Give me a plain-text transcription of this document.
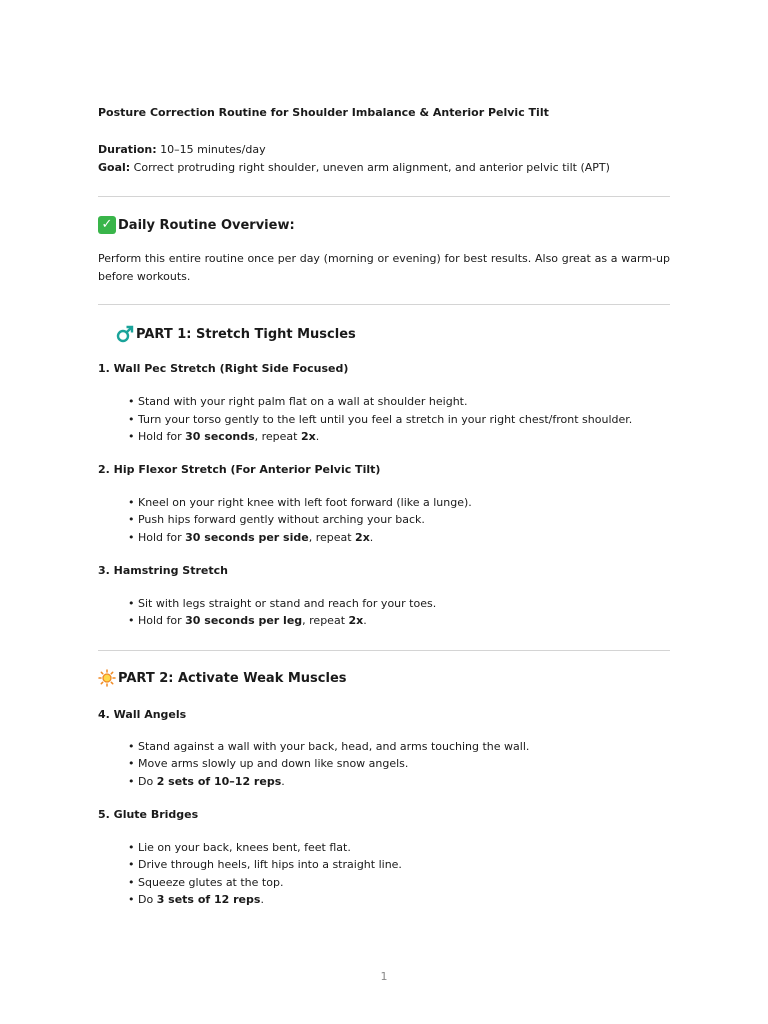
Posture Correction Routine for Shoulder Imbalance & Anterior Pelvic Tilt
Duration: 10–15 minutes/day
Goal: Correct protruding right shoulder, uneven arm alignment, and anterior pelvic tilt (APT)
✓ Daily Routine Overview:
Perform this entire routine once per day (morning or evening) for best results. Also great as a warm-up before workouts.
PART 1: Stretch Tight Muscles
1. Wall Pec Stretch (Right Side Focused)
• Stand with your right palm flat on a wall at shoulder height.
• Turn your torso gently to the left until you feel a stretch in your right chest/front shoulder.
• Hold for 30 seconds, repeat 2x.
2. Hip Flexor Stretch (For Anterior Pelvic Tilt)
• Kneel on your right knee with left foot forward (like a lunge).
• Push hips forward gently without arching your back.
• Hold for 30 seconds per side, repeat 2x.
3. Hamstring Stretch
• Sit with legs straight or stand and reach for your toes.
• Hold for 30 seconds per leg, repeat 2x.
PART 2: Activate Weak Muscles
4. Wall Angels
• Stand against a wall with your back, head, and arms touching the wall.
• Move arms slowly up and down like snow angels.
• Do 2 sets of 10–12 reps.
5. Glute Bridges
• Lie on your back, knees bent, feet flat.
• Drive through heels, lift hips into a straight line.
• Squeeze glutes at the top.
• Do 3 sets of 12 reps.
1
